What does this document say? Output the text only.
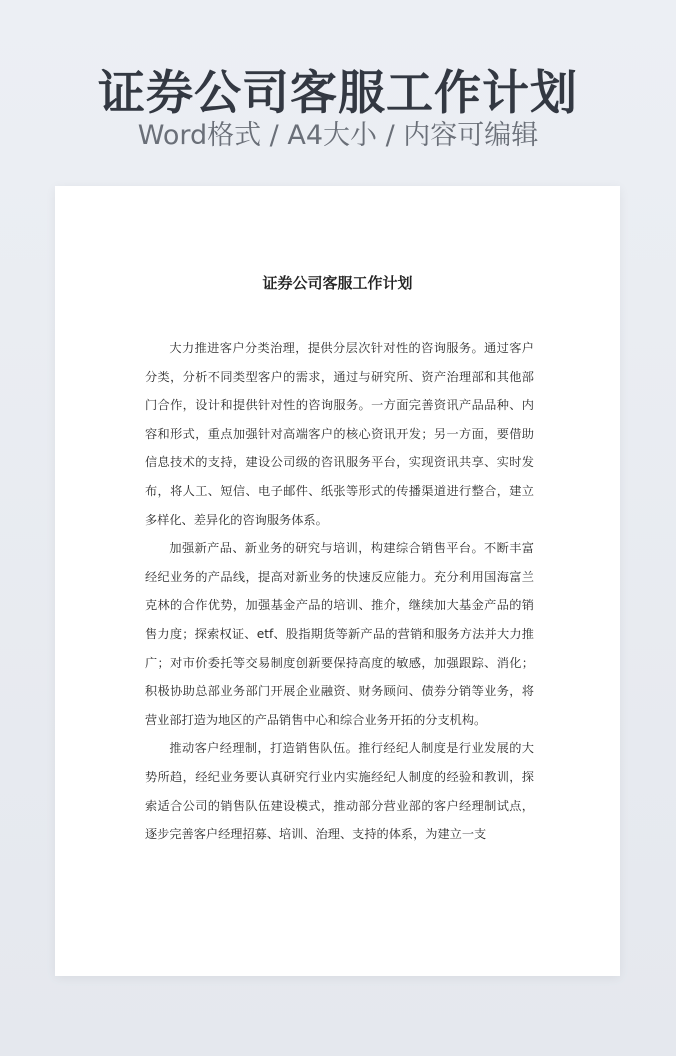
证券公司客服工作计划
Word格式 / A4大小 / 内容可编辑
证券公司客服工作计划

大力推进客户分类治理，提供分层次针对性的咨询服务。通过客户分类，分析不同类型客户的需求，通过与研究所、资产治理部和其他部门合作，设计和提供针对性的咨询服务。一方面完善资讯产品品种、内容和形式，重点加强针对高端客户的核心资讯开发；另一方面，要借助信息技术的支持，建设公司级的咨讯服务平台，实现资讯共享、实时发布，将人工、短信、电子邮件、纸张等形式的传播渠道进行整合，建立多样化、差异化的咨询服务体系。

加强新产品、新业务的研究与培训，构建综合销售平台。不断丰富经纪业务的产品线，提高对新业务的快速反应能力。充分利用国海富兰克林的合作优势，加强基金产品的培训、推介，继续加大基金产品的销售力度；探索权证、etf、股指期货等新产品的营销和服务方法并大力推广；对市价委托等交易制度创新要保持高度的敏感，加强跟踪、消化；积极协助总部业务部门开展企业融资、财务顾问、债券分销等业务，将营业部打造为地区的产品销售中心和综合业务开拓的分支机构。

推动客户经理制，打造销售队伍。推行经纪人制度是行业发展的大势所趋，经纪业务要认真研究行业内实施经纪人制度的经验和教训，探索适合公司的销售队伍建设模式，推动部分营业部的客户经理制试点，逐步完善客户经理招募、培训、治理、支持的体系，为建立一支
